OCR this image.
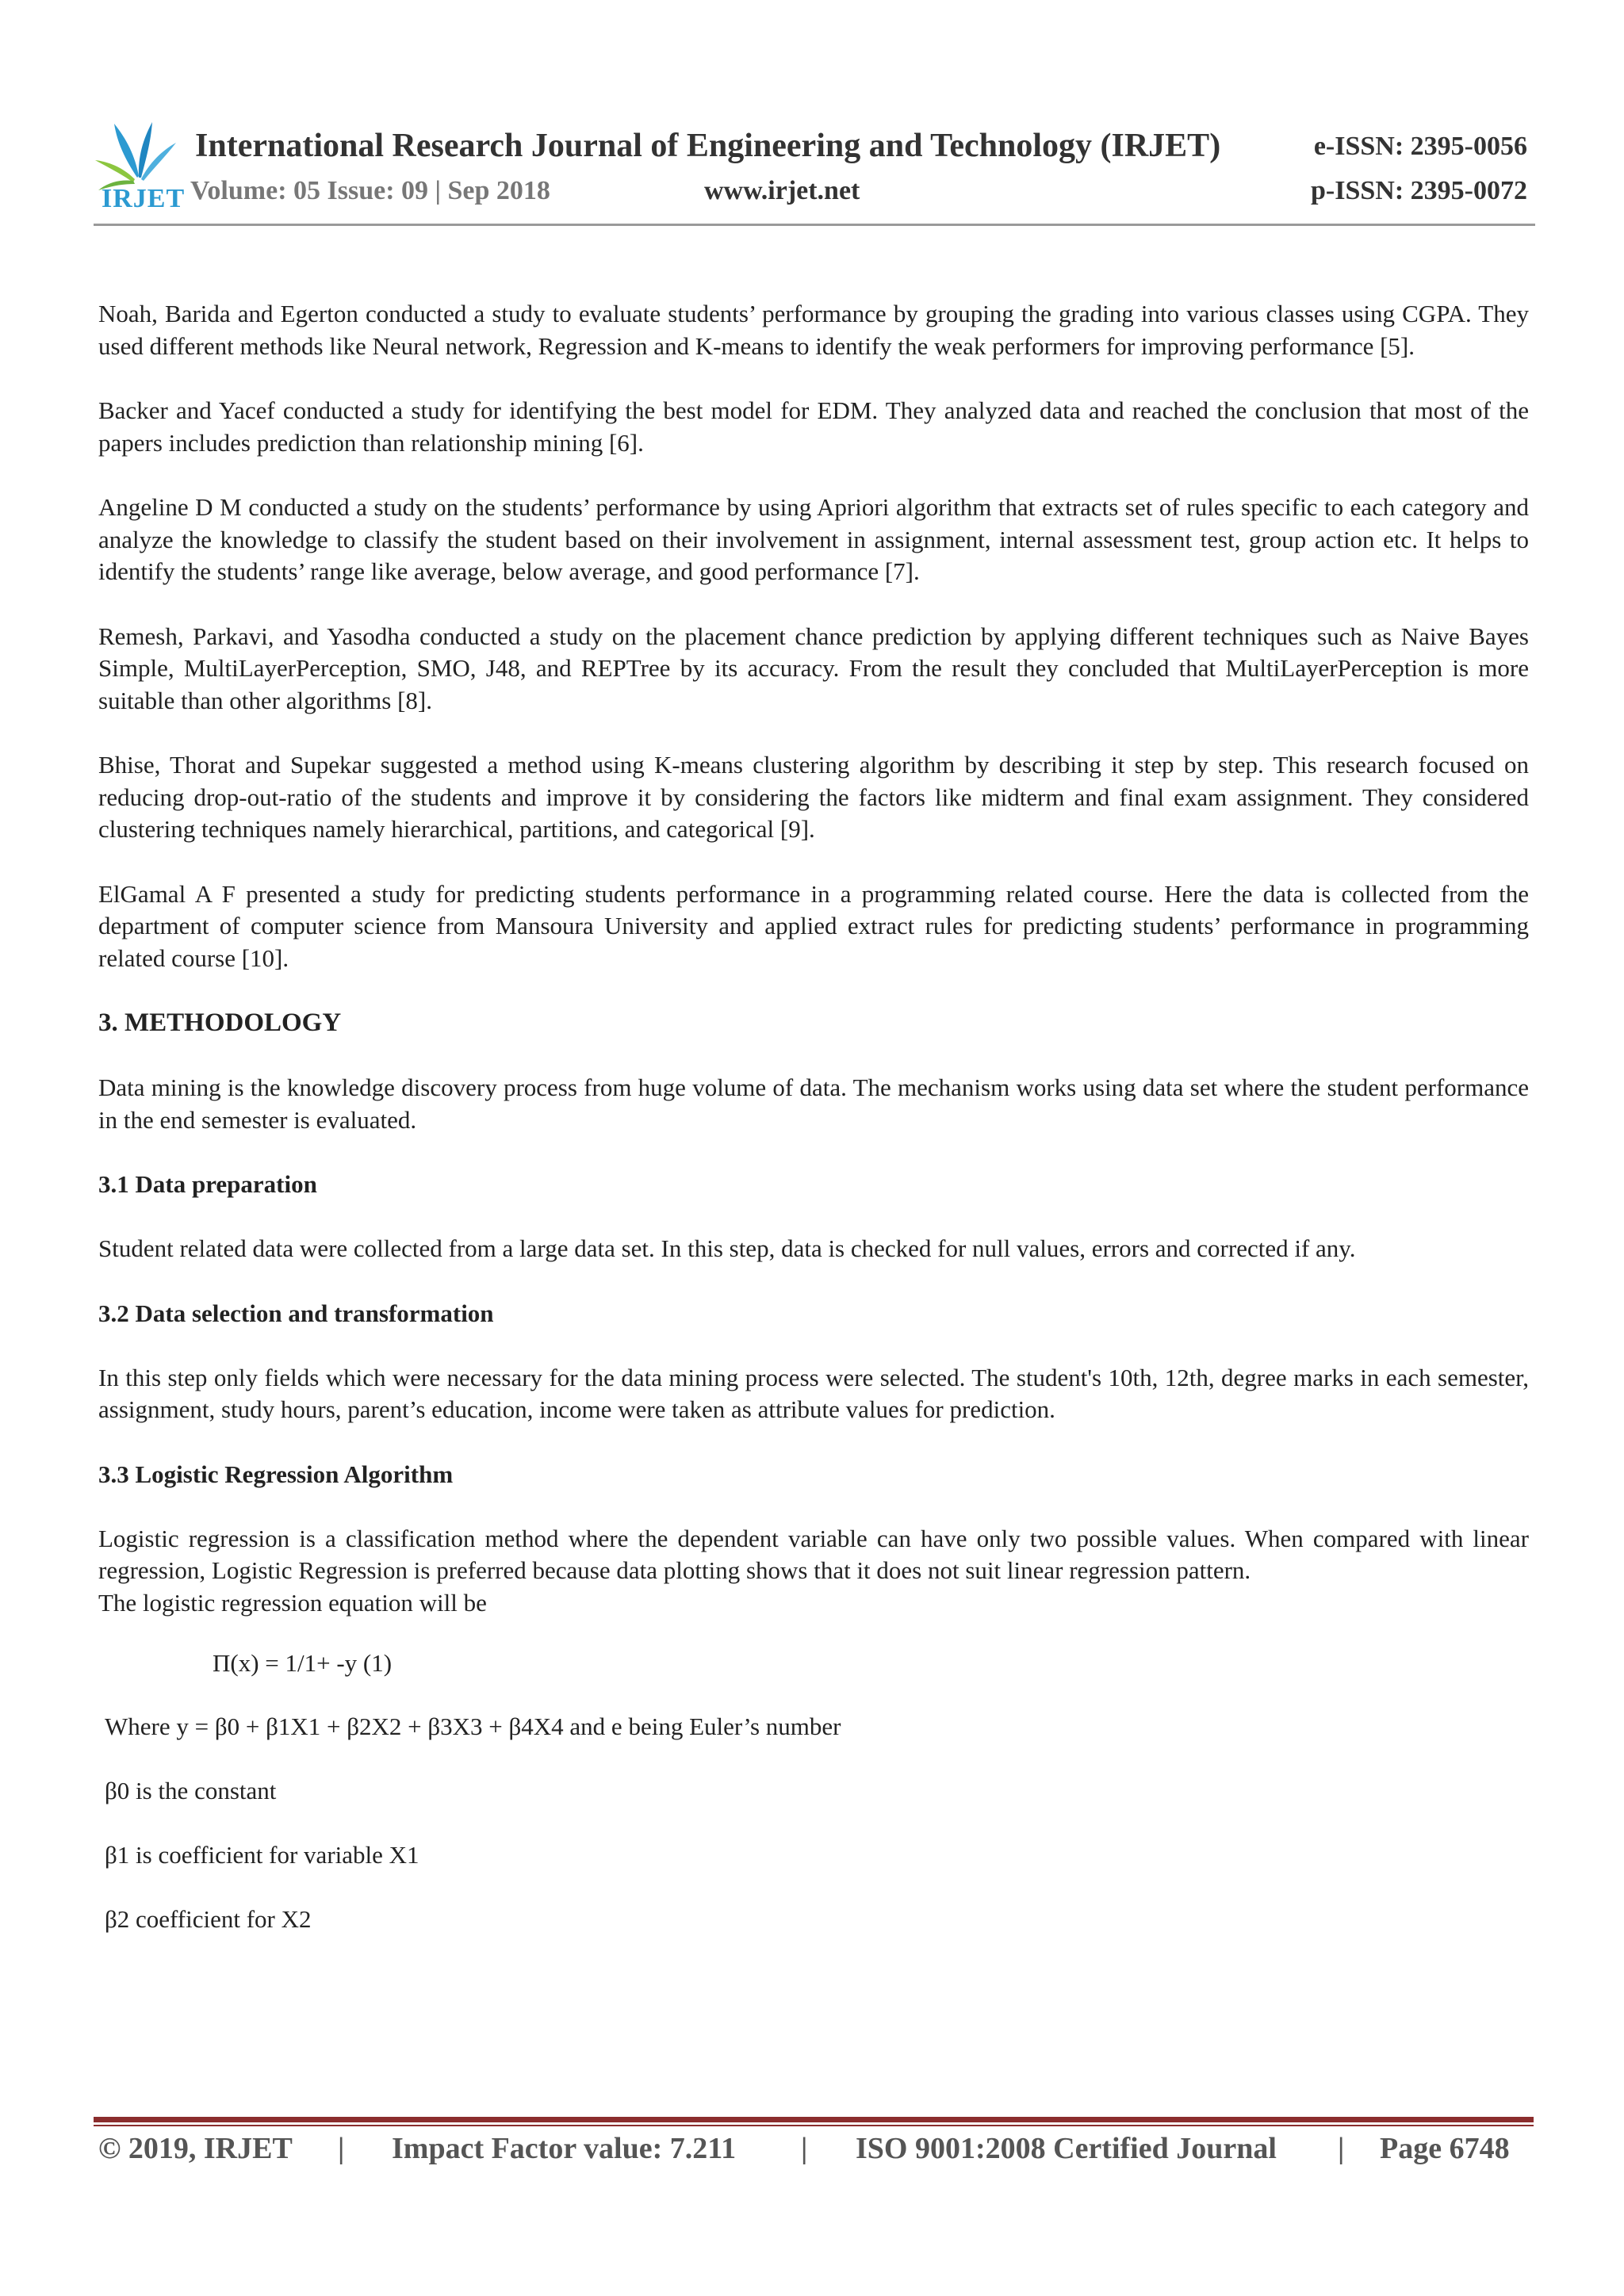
IRJET
International Research Journal of Engineering and Technology (IRJET)	e-ISSN: 2395-0056
Volume: 05 Issue: 09 | Sep 2018	www.irjet.net	p-ISSN: 2395-0072

Noah, Barida and Egerton conducted a study to evaluate students’ performance by grouping the grading into various classes using CGPA. They used different methods like Neural network, Regression and K-means to identify the weak performers for improving performance [5].

Backer and Yacef conducted a study for identifying the best model for EDM. They analyzed data and reached the conclusion that most of the papers includes prediction than relationship mining [6].

Angeline D M conducted a study on the students’ performance by using Apriori algorithm that extracts set of rules specific to each category and analyze the knowledge to classify the student based on their involvement in assignment, internal assessment test, group action etc. It helps to identify the students’ range like average, below average, and good performance [7].

Remesh, Parkavi, and Yasodha conducted a study on the placement chance prediction by applying different techniques such as Naive Bayes Simple, MultiLayerPerception, SMO, J48, and REPTree by its accuracy. From the result they concluded that MultiLayerPerception is more suitable than other algorithms [8].

Bhise, Thorat and Supekar suggested a method using K-means clustering algorithm by describing it step by step. This research focused on reducing drop-out-ratio of the students and improve it by considering the factors like midterm and final exam assignment. They considered clustering techniques namely hierarchical, partitions, and categorical [9].

ElGamal A F presented a study for predicting students performance in a programming related course. Here the data is collected from the department of computer science from Mansoura University and applied extract rules for predicting students’ performance in programming related course [10].

3. METHODOLOGY

Data mining is the knowledge discovery process from huge volume of data. The mechanism works using data set where the student performance in the end semester is evaluated.

3.1 Data preparation

Student related data were collected from a large data set. In this step, data is checked for null values, errors and corrected if any.

3.2 Data selection and transformation

In this step only fields which were necessary for the data mining process were selected. The student's 10th, 12th, degree marks in each semester, assignment, study hours, parent’s education, income were taken as attribute values for prediction.

3.3 Logistic Regression Algorithm

Logistic regression is a classification method where the dependent variable can have only two possible values. When compared with linear regression, Logistic Regression is preferred because data plotting shows that it does not suit linear regression pattern.

The logistic regression equation will be

Π(x) = 1/1+ -y (1)
Where y = β0 + β1X1 + β2X2 + β3X3 + β4X4 and e being Euler’s number
β0 is the constant
β1 is coefficient for variable X1
β2 coefficient for X2
© 2019, IRJET | Impact Factor value: 7.211 | ISO 9001:2008 Certified Journal | Page 6748
